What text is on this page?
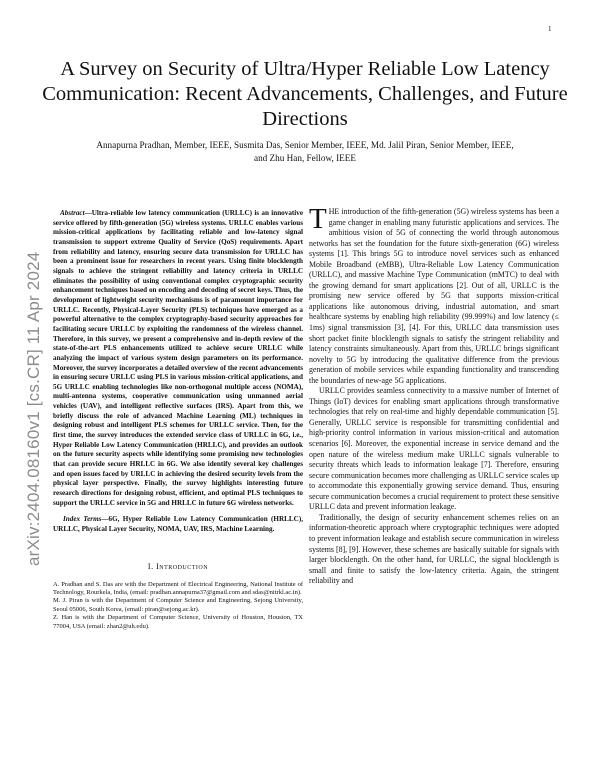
1
arXiv:2404.08160v1 [cs.CR] 11 Apr 2024
A Survey on Security of Ultra/Hyper Reliable Low Latency Communication: Recent Advancements, Challenges, and Future Directions
Annapurna Pradhan, Member, IEEE, Susmita Das, Senior Member, IEEE, Md. Jalil Piran, Senior Member, IEEE,
and Zhu Han, Fellow, IEEE

Abstract—Ultra-reliable low latency communication (URLLC) is an innovative service offered by fifth-generation (5G) wireless systems. URLLC enables various mission-critical applications by facilitating reliable and low-latency signal transmission to support extreme Quality of Service (QoS) requirements. Apart from reliability and latency, ensuring secure data transmission for URLLC has been a prominent issue for researchers in recent years. Using finite blocklength signals to achieve the stringent reliability and latency criteria in URLLC eliminates the possibility of using conventional complex cryptographic security enhancement techniques based on encoding and decoding of secret keys. Thus, the development of lightweight security mechanisms is of paramount importance for URLLC. Recently, Physical-Layer Security (PLS) techniques have emerged as a powerful alternative to the complex cryptography-based security approaches for facilitating secure URLLC by exploiting the randomness of the wireless channel. Therefore, in this survey, we present a comprehensive and in-depth review of the state-of-the-art PLS enhancements utilized to achieve secure URLLC while analyzing the impact of various system design parameters on its performance. Moreover, the survey incorporates a detailed overview of the recent advancements in ensuring secure URLLC using PLS in various mission-critical applications, and 5G URLLC enabling technologies like non-orthogonal multiple access (NOMA), multi-antenna systems, cooperative communication using unmanned aerial vehicles (UAV), and intelligent reflective surfaces (IRS). Apart from this, we briefly discuss the role of advanced Machine Learning (ML) techniques in designing robust and intelligent PLS schemes for URLLC service. Then, for the first time, the survey introduces the extended service class of URLLC in 6G, i.e., Hyper Reliable Low Latency Communication (HRLLC), and provides an outlook on the future security aspects while identifying some promising new technologies that can provide secure HRLLC in 6G. We also identify several key challenges and open issues faced by URLLC in achieving the desired security levels from the physical layer perspective. Finally, the survey highlights interesting future research directions for designing robust, efficient, and optimal PLS techniques to support the URLLC service in 5G and HRLLC in future 6G wireless networks.

Index Terms—6G, Hyper Reliable Low Latency Communication (HRLLC), URLLC, Physical Layer Security, NOMA, UAV, IRS, Machine Learning.

I. Introduction

A. Pradhan and S. Das are with the Department of Electrical Engineering, National Institute of Technology, Rourkela, India, (email: pradhan.annapurna37@gmail.com and sdas@nitrkl.ac.in).

M. J. Piran is with the Department of Computer Science and Engineering, Sejong University, Seoul 05006, South Korea, (email: piran@sejong.ac.kr).

Z. Han is with the Department of Computer Science, University of Houston, Houston, TX 77004, USA (email: zhan2@uh.edu).

THE introduction of the fifth-generation (5G) wireless systems has been a game changer in enabling many futuristic applications and services. The ambitious vision of 5G of connecting the world through autonomous networks has set the foundation for the future sixth-generation (6G) wireless systems [1]. This brings 5G to introduce novel services such as enhanced Mobile Broadband (eMBB), Ultra-Reliable Low Latency Communication (URLLC), and massive Machine Type Communication (mMTC) to deal with the growing demand for smart applications [2]. Out of all, URLLC is the promising new service offered by 5G that supports mission-critical applications like autonomous driving, industrial automation, and smart healthcare systems by enabling high reliability (99.999%) and low latency (≤ 1ms) signal transmission [3], [4]. For this, URLLC data transmission uses short packet finite blocklength signals to satisfy the stringent reliability and latency constraints simultaneously. Apart from this, URLLC brings significant novelty to 5G by introducing the qualitative difference from the previous generation of mobile services while expanding functionality and transcending the boundaries of new-age 5G applications.

URLLC provides seamless connectivity to a massive number of Internet of Things (IoT) devices for enabling smart applications through transformative technologies that rely on real-time and highly dependable communication [5]. Generally, URLLC service is responsible for transmitting confidential and high-priority control information in various mission-critical and automation scenarios [6]. Moreover, the exponential increase in service demand and the open nature of the wireless medium make URLLC signals vulnerable to security threats which leads to information leakage [7]. Therefore, ensuring secure communication becomes more challenging as URLLC service scales up to accommodate this exponentially growing service demand. Thus, ensuring secure communication becomes a crucial requirement to protect these sensitive URLLC data and prevent information leakage.

Traditionally, the design of security enhancement schemes relies on an information-theoretic approach where cryptographic techniques were adopted to prevent information leakage and establish secure communication in wireless systems [8], [9]. However, these schemes are basically suitable for signals with larger blocklength. On the other hand, for URLLC, the signal blocklength is small and finite to satisfy the low-latency criteria. Again, the stringent reliability and
